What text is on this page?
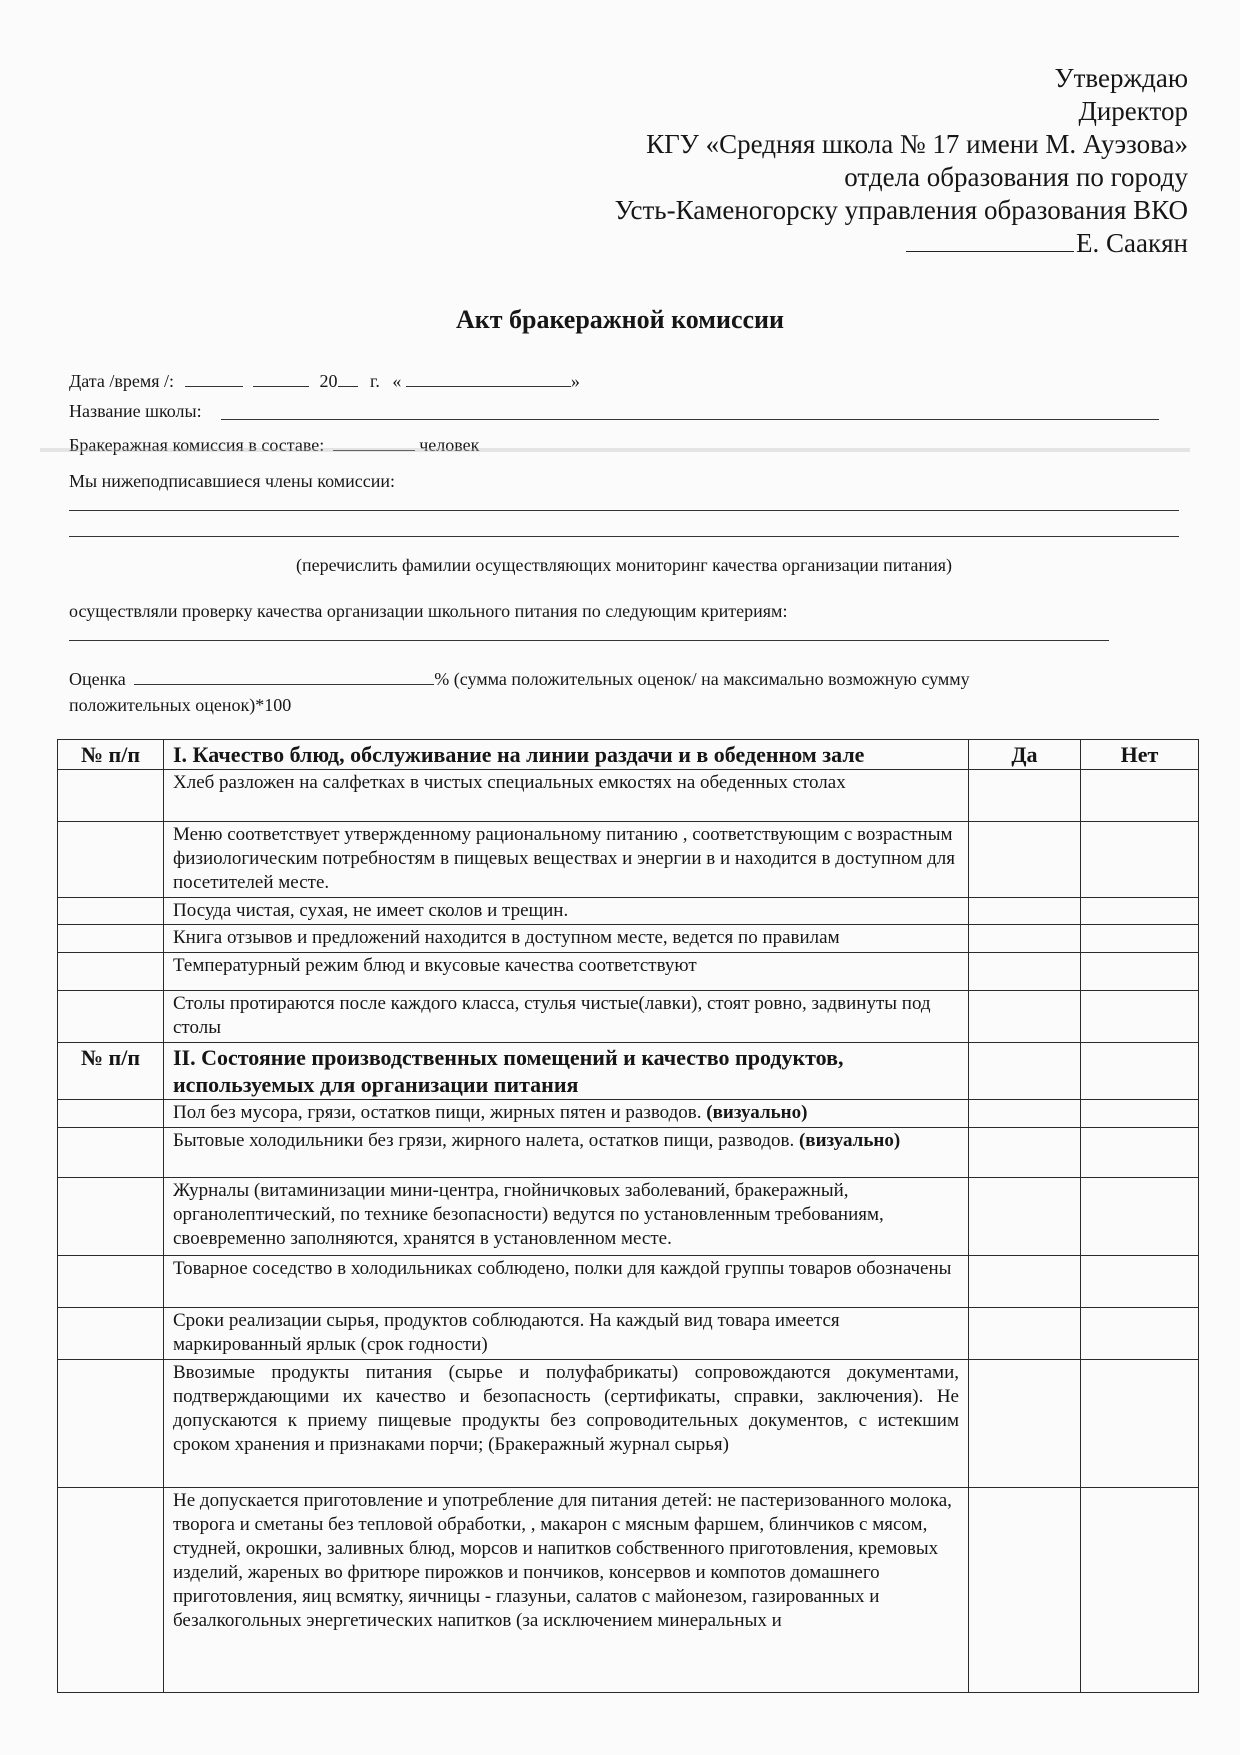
Утверждаю
Директор
КГУ «Средняя школа № 17 имени М. Ауэзова»
отдела образования по городу
Усть-Каменогорску управления образования ВКО
Е. Саакян
Акт бракеражной комиссии
Дата /время /:	20 г. «	»
Название школы:
Бракеражная комиссия в составе:	человек
Мы нижеподписавшиеся члены комиссии:
(перечислить фамилии осуществляющих мониторинг качества организации питания)
осуществляли проверку качества организации школьного питания по следующим критериям:
Оценка	% (сумма положительных оценок/ на максимально возможную сумму
положительных оценок)*100
№ п/п	I. Качество блюд, обслуживание на линии раздачи и в обеденном зале	Да	Нет
	Хлеб разложен на салфетках в чистых специальных емкостях на обеденных столах		
	Меню соответствует утвержденному рациональному питанию , соответствующим с возрастным физиологическим потребностям в пищевых веществах и энергии в и находится в доступном для посетителей месте.		
	Посуда чистая, сухая, не имеет сколов и трещин.		
	Книга отзывов и предложений находится в доступном месте, ведется по правилам		
	Температурный режим блюд и вкусовые качества соответствуют		
	Столы протираются после каждого класса, стулья чистые(лавки), стоят ровно, задвинуты под столы		
№ п/п	II. Состояние производственных помещений и качество продуктов, используемых для организации питания		
	Пол без мусора, грязи, остатков пищи, жирных пятен и разводов. (визуально)		
	Бытовые холодильники без грязи, жирного налета, остатков пищи, разводов. (визуально)		
	Журналы (витаминизации мини-центра, гнойничковых заболеваний, бракеражный, органолептический, по технике безопасности) ведутся по установленным требованиям, своевременно заполняются, хранятся в установленном месте.		
	Товарное соседство в холодильниках соблюдено, полки для каждой группы товаров обозначены		
	Сроки реализации сырья, продуктов соблюдаются. На каждый вид товара имеется маркированный ярлык (срок годности)		
	Ввозимые продукты питания (сырье и полуфабрикаты) сопровождаются документами, подтверждающими их качество и безопасность (сертификаты, справки, заключения). Не допускаются к приему пищевые продукты без сопроводительных документов, с истекшим сроком хранения и признаками порчи; (Бракеражный журнал сырья)		
	Не допускается приготовление и употребление для питания детей: не пастеризованного молока, творога и сметаны без тепловой обработки, , макарон с мясным фаршем, блинчиков с мясом, студней, окрошки, заливных блюд, морсов и напитков собственного приготовления, кремовых изделий, жареных во фритюре пирожков и пончиков, консервов и компотов домашнего приготовления, яиц всмятку, яичницы - глазуньи, салатов с майонезом, газированных и безалкогольных энергетических напитков (за исключением минеральных и		
